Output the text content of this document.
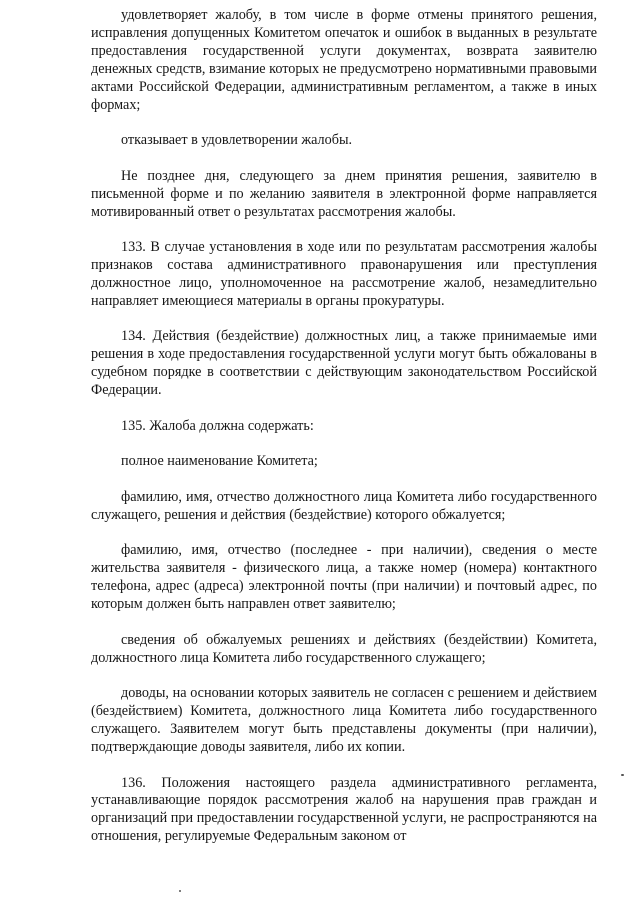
удовлетворяет жалобу, в том числе в форме отмены принятого решения, исправления допущенных Комитетом опечаток и ошибок в выданных в результате предоставления государственной услуги документах, возврата заявителю денежных средств, взимание которых не предусмотрено нормативными правовыми актами Российской Федерации, административным регламентом, а также в иных формах;

отказывает в удовлетворении жалобы.

Не позднее дня, следующего за днем принятия решения, заявителю в письменной форме и по желанию заявителя в электронной форме направляется мотивированный ответ о результатах рассмотрения жалобы.

133. В случае установления в ходе или по результатам рассмотрения жалобы признаков состава административного правонарушения или преступления должностное лицо, уполномоченное на рассмотрение жалоб, незамедлительно направляет имеющиеся материалы в органы прокуратуры.

134. Действия (бездействие) должностных лиц, а также принимаемые ими решения в ходе предоставления государственной услуги могут быть обжалованы в судебном порядке в соответствии с действующим законодательством Российской Федерации.

135. Жалоба должна содержать:

полное наименование Комитета;

фамилию, имя, отчество должностного лица Комитета либо государственного служащего, решения и действия (бездействие) которого обжалуется;

фамилию, имя, отчество (последнее - при наличии), сведения о месте жительства заявителя - физического лица, а также номер (номера) контактного телефона, адрес (адреса) электронной почты (при наличии) и почтовый адрес, по которым должен быть направлен ответ заявителю;

сведения об обжалуемых решениях и действиях (бездействии) Комитета, должностного лица Комитета либо государственного служащего;

доводы, на основании которых заявитель не согласен с решением и действием (бездействием) Комитета, должностного лица Комитета либо государственного служащего. Заявителем могут быть представлены документы (при наличии), подтверждающие доводы заявителя, либо их копии.

136. Положения настоящего раздела административного регламента, устанавливающие порядок рассмотрения жалоб на нарушения прав граждан и организаций при предоставлении государственной услуги, не распространяются на отношения, регулируемые Федеральным законом от
